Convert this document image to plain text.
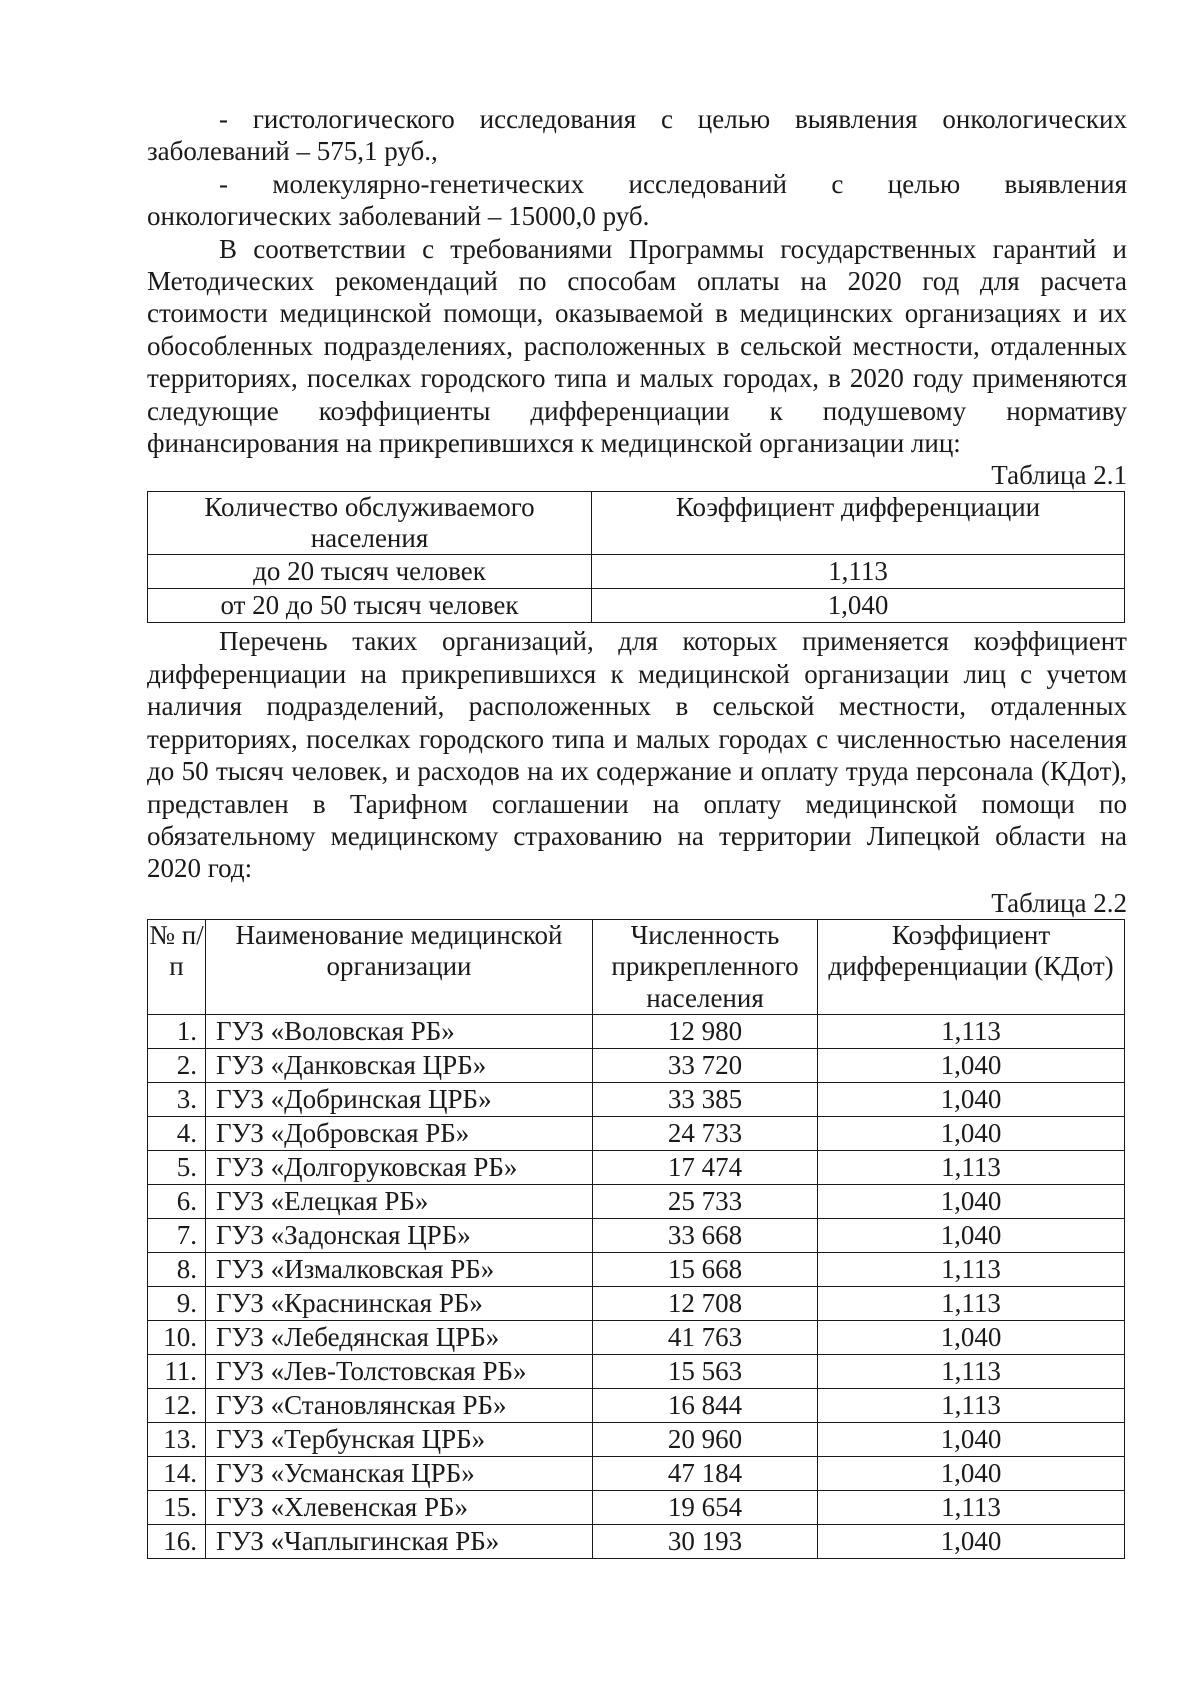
- гистологического исследования с целью выявления онкологических заболеваний – 575,1 руб.,

- молекулярно-генетических исследований с целью выявления онкологических заболеваний – 15000,0 руб.

В соответствии с требованиями Программы государственных гарантий и Методических рекомендаций по способам оплаты на 2020 год для расчета стоимости медицинской помощи, оказываемой в медицинских организациях и их обособленных подразделениях, расположенных в сельской местности, отдаленных территориях, поселках городского типа и малых городах, в 2020 году применяются следующие коэффициенты дифференциации к подушевому нормативу финансирования на прикрепившихся к медицинской организации лиц:

Таблица 2.1

Количество обслуживаемого населения	Коэффициент дифференциации
до 20 тысяч человек	1,113
от 20 до 50 тысяч человек	1,040

Перечень таких организаций, для которых применяется коэффициент дифференциации на прикрепившихся к медицинской организации лиц с учетом наличия подразделений, расположенных в сельской местности, отдаленных территориях, поселках городского типа и малых городах с численностью населения до 50 тысяч человек, и расходов на их содержание и оплату труда персонала (КДот), представлен в Тарифном соглашении на оплату медицинской помощи по обязательному медицинскому страхованию на территории Липецкой области на 2020 год:

Таблица 2.2

№ п/п	Наименование медицинской организации	Численность прикрепленного населения	Коэффициент дифференциации (КДот)
1.	ГУЗ «Воловская РБ»	12 980	1,113
2.	ГУЗ «Данковская ЦРБ»	33 720	1,040
3.	ГУЗ «Добринская ЦРБ»	33 385	1,040
4.	ГУЗ «Добровская РБ»	24 733	1,040
5.	ГУЗ «Долгоруковская РБ»	17 474	1,113
6.	ГУЗ «Елецкая РБ»	25 733	1,040
7.	ГУЗ «Задонская ЦРБ»	33 668	1,040
8.	ГУЗ «Измалковская РБ»	15 668	1,113
9.	ГУЗ «Краснинская РБ»	12 708	1,113
10.	ГУЗ «Лебедянская ЦРБ»	41 763	1,040
11.	ГУЗ «Лев-Толстовская РБ»	15 563	1,113
12.	ГУЗ «Становлянская РБ»	16 844	1,113
13.	ГУЗ «Тербунская ЦРБ»	20 960	1,040
14.	ГУЗ «Усманская ЦРБ»	47 184	1,040
15.	ГУЗ «Хлевенская РБ»	19 654	1,113
16.	ГУЗ «Чаплыгинская РБ»	30 193	1,040
